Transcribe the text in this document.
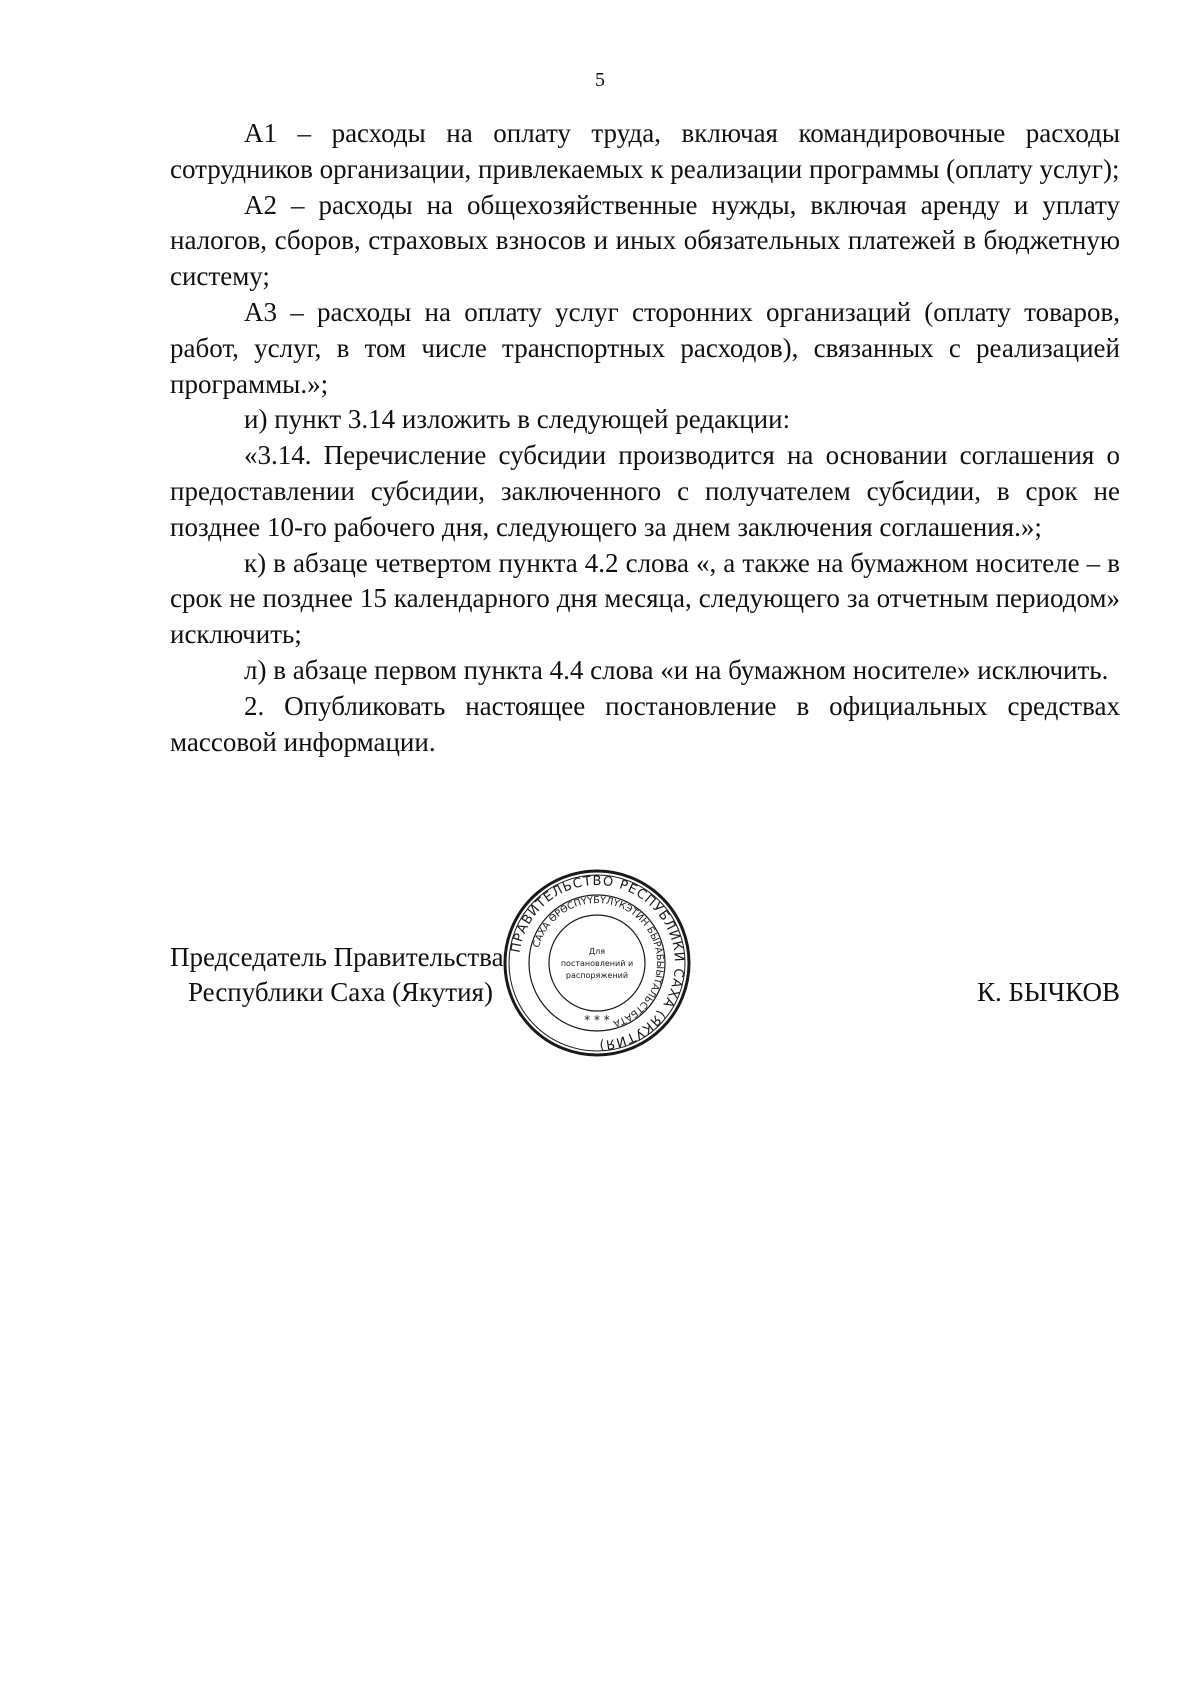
5

A1 – расходы на оплату труда, включая командировочные расходы сотрудников организации, привлекаемых к реализации программы (оплату услуг);

A2 – расходы на общехозяйственные нужды, включая аренду и уплату налогов, сборов, страховых взносов и иных обязательных платежей в бюджетную систему;

A3 – расходы на оплату услуг сторонних организаций (оплату товаров, работ, услуг, в том числе транспортных расходов), связанных с реализацией программы.»;

и) пункт 3.14 изложить в следующей редакции:

«3.14. Перечисление субсидии производится на основании соглашения о предоставлении субсидии, заключенного с получателем субсидии, в срок не позднее 10-го рабочего дня, следующего за днем заключения соглашения.»;

к) в абзаце четвертом пункта 4.2 слова «, а также на бумажном носителе – в срок не позднее 15 календарного дня месяца, следующего за отчетным периодом» исключить;

л) в абзаце первом пункта 4.4 слова «и на бумажном носителе» исключить.

2. Опубликовать настоящее постановление в официальных средствах массовой информации.

Председатель Правительства
Республики Саха (Якутия)	К. БЫЧКОВ
ПРАВИТЕЛЬСТВО РЕСПУБЛИКИ САХА (ЯКУТИЯ)
САХА ӨРӨСПҮҮБҮЛҮКЭТИН БЫРАБЫЫТАЛЬСТБАТА
Для
постановлений и
распоряжений
* * *
